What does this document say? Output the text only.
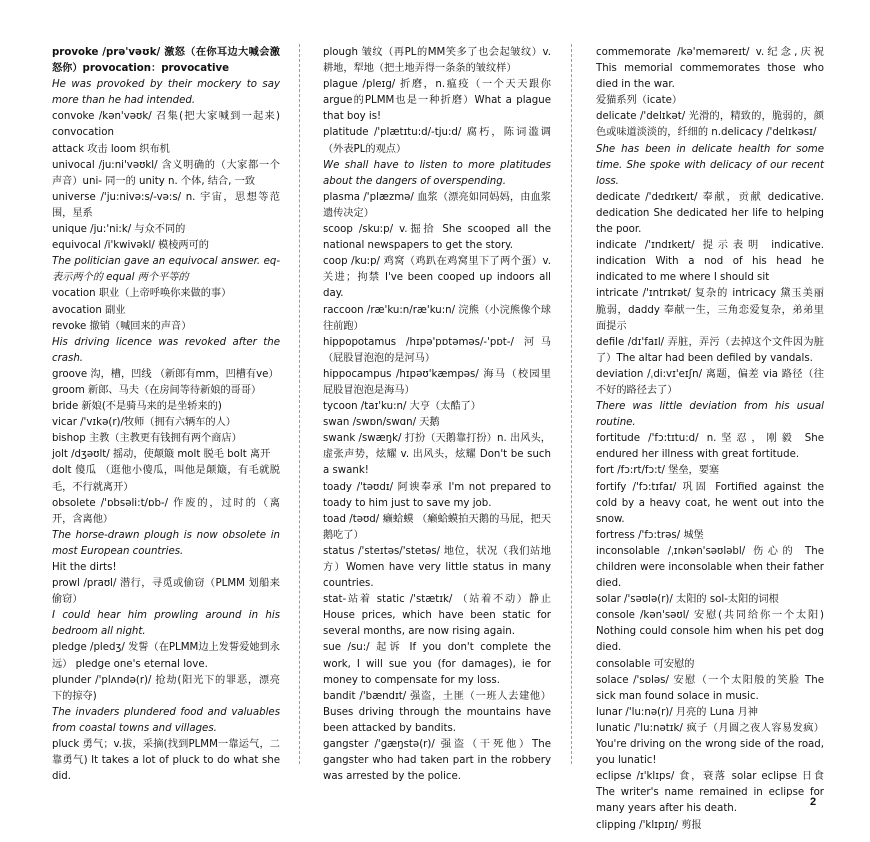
provoke /prə'vəʊk/ 激怒（在你耳边大喊会激怒你）provocation：provocative
He was provoked by their mockery to say more than he had intended.
convoke /kən'vəʊk/ 召集(把大家喊到一起来) convocation
attack 攻击 loom 织布机
univocal /ju:ni'vəʊkl/ 含义明确的（大家都一个声音）uni- 同一的 unity n. 个体, 结合, 一致
universe /'ju:nivə:s/-və:s/ n. 宇宙，思想等范围，星系
unique /ju:'ni:k/ 与众不同的
equivocal /i'kwivəkl/ 模棱两可的
The politician gave an equivocal answer. eq- 表示两个的 equal 两个平等的
vocation 职业（上帝呼唤你来做的事）
avocation 副业
revoke 撤销（喊回来的声音）
His driving licence was revoked after the crash.
groove 沟，槽，凹线 （新郎有mm，凹槽有ve）
groom 新郎、马夫（在房间等待新娘的哥哥）
bride 新娘(不是骑马来的是坐轿来的)
vicar /'vɪkə(r)/牧师（拥有六辆车的人）
bishop 主教（主教更有钱拥有两个商店）
jolt /dʒəʊlt/ 摇动，使颠簸 molt 脱毛 bolt 离开
dolt 傻瓜 （逛他小傻瓜，叫他是颠簸，有毛就脱毛，不行就离开）
obsolete /'ɒbsəli:t/ɒb-/ 作废的，过时的（离开，含离他）
The horse-drawn plough is now obsolete in most European countries.
Hit the dirts!
prowl /praʊl/ 潜行，寻觅或偷窃（PLMM 划船来偷窃）
I could hear him prowling around in his bedroom all night.
pledge /pledʒ/ 发誓（在PLMM边上发誓爱她到永远） pledge one's eternal love.
plunder /'plʌndə(r)/ 抢劫(阳光下的罪恶，漂亮下的掠夺)
The invaders plundered food and valuables from coastal towns and villages.
pluck 勇气；v.拔，采摘(找到PLMM一靠运气，二靠勇气) It takes a lot of pluck to do what she did.
plough 皱纹（再PL的MM笑多了也会起皱纹）v.耕地，犁地（把土地弄得一条条的皱纹样）
plague /pleɪg/ 折磨，n.瘟疫（一个天天跟你argue的PLMM也是一种折磨）What a plague that boy is!
platitude /'plætɪtu:d/-tju:d/ 腐朽，陈词滥调（外表PL的观点）
We shall have to listen to more platitudes about the dangers of overspending.
plasma /'plæzmə/ 血浆（漂亮如同妈妈，由血浆遗传决定）
scoop /sku:p/ v.掘拾 She scooped all the national newspapers to get the story.
coop /ku:p/ 鸡窝（鸡趴在鸡窝里下了两个蛋）v. 关进；拘禁 I've been cooped up indoors all day.
raccoon /ræ'ku:n/ræ'ku:n/ 浣熊（小浣熊像个球往前跑）
hippopotamus /hɪpə'pɒtəməs/-'pɒt-/ 河马（屁股冒泡泡的是河马）
hippocampus /hɪpəʊ'kæmpəs/ 海马（校园里屁股冒泡泡是海马）
tycoon /taɪ'ku:n/ 大亨（太酷了）
swan /swɒn/swɑn/ 天鹅
swank /swæŋk/ 打扮（天鹅靠打扮）n. 出风头，虚张声势，炫耀 v. 出风头，炫耀 Don't be such a swank!
toady /'təʊdɪ/ 阿谀奉承 I'm not prepared to toady to him just to save my job.
toad /təʊd/ 癞蛤蟆 （癞蛤蟆拍天鹅的马屁，把天鹅吃了）
status /'steɪtəs/'stetəs/ 地位，状况（我们站地方）Women have very little status in many countries.
stat-站着 static /'stætɪk/ （站着不动）静止 House prices, which have been static for several months, are now rising again.
sue /su:/ 起诉 If you don't complete the work, I will sue you (for damages), ie for money to compensate for my loss.
bandit /'bændɪt/ 强盗，土匪（一班人去建他）Buses driving through the mountains have been attacked by bandits.
gangster /'gæŋstə(r)/ 强盗（干死他）The gangster who had taken part in the robbery was arrested by the police.
commemorate /kə'meməreɪt/ v.纪念,庆祝 This memorial commemorates those who died in the war.
爱猫系列（icate）
delicate /'delɪkət/ 光滑的，精致的，脆弱的，颜色或味道淡淡的，纤细的 n.delicacy /'delɪkəsɪ/
She has been in delicate health for some time. She spoke with delicacy of our recent loss.
dedicate /'dedɪkeɪt/ 奉献，贡献 dedicative. dedication She dedicated her life to helping the poor.
indicate /'ɪndɪkeɪt/ 提示表明 indicative. indication With a nod of his head he indicated to me where I should sit
intricate /'ɪntrɪkət/ 复杂的 intricacy 黛玉美丽脆弱，daddy 奉献一生，三角恋爱复杂，弟弟里面提示
defile /dɪ'faɪl/ 弄脏，弄污（去掉这个文件因为脏了）The altar had been defiled by vandals.
deviation /ˌdi:vɪ'eɪʃn/ 离题，偏差 via 路径（往不好的路径去了）
There was little deviation from his usual routine.
fortitude /'fɔ:tɪtu:d/ n.坚忍，刚毅 She endured her illness with great fortitude.
fort /fɔ:rt/fɔ:t/ 堡垒，要塞
fortify /'fɔ:tɪfaɪ/ 巩固 Fortified against the cold by a heavy coat, he went out into the snow.
fortress /'fɔ:trəs/ 城堡
inconsolable /ˌɪnkən'səʊləbl/ 伤心的 The children were inconsolable when their father died.
solar /'səʊlə(r)/ 太阳的 sol-太阳的词根
console /kən'səʊl/ 安慰(共同给你一个太阳) Nothing could console him when his pet dog died.
consolable 可安慰的
solace /'sɒləs/ 安慰（一个太阳般的笑脸 The sick man found solace in music.
lunar /'lu:nə(r)/ 月亮的 Luna 月神
lunatic /'lu:nətɪk/ 疯子（月圆之夜人容易发疯）You're driving on the wrong side of the road, you lunatic!
eclipse /ɪ'klɪps/ 食，衰落 solar eclipse 日食 The writer's name remained in eclipse for many years after his death.
clipping /'klɪpɪŋ/ 剪报
2
